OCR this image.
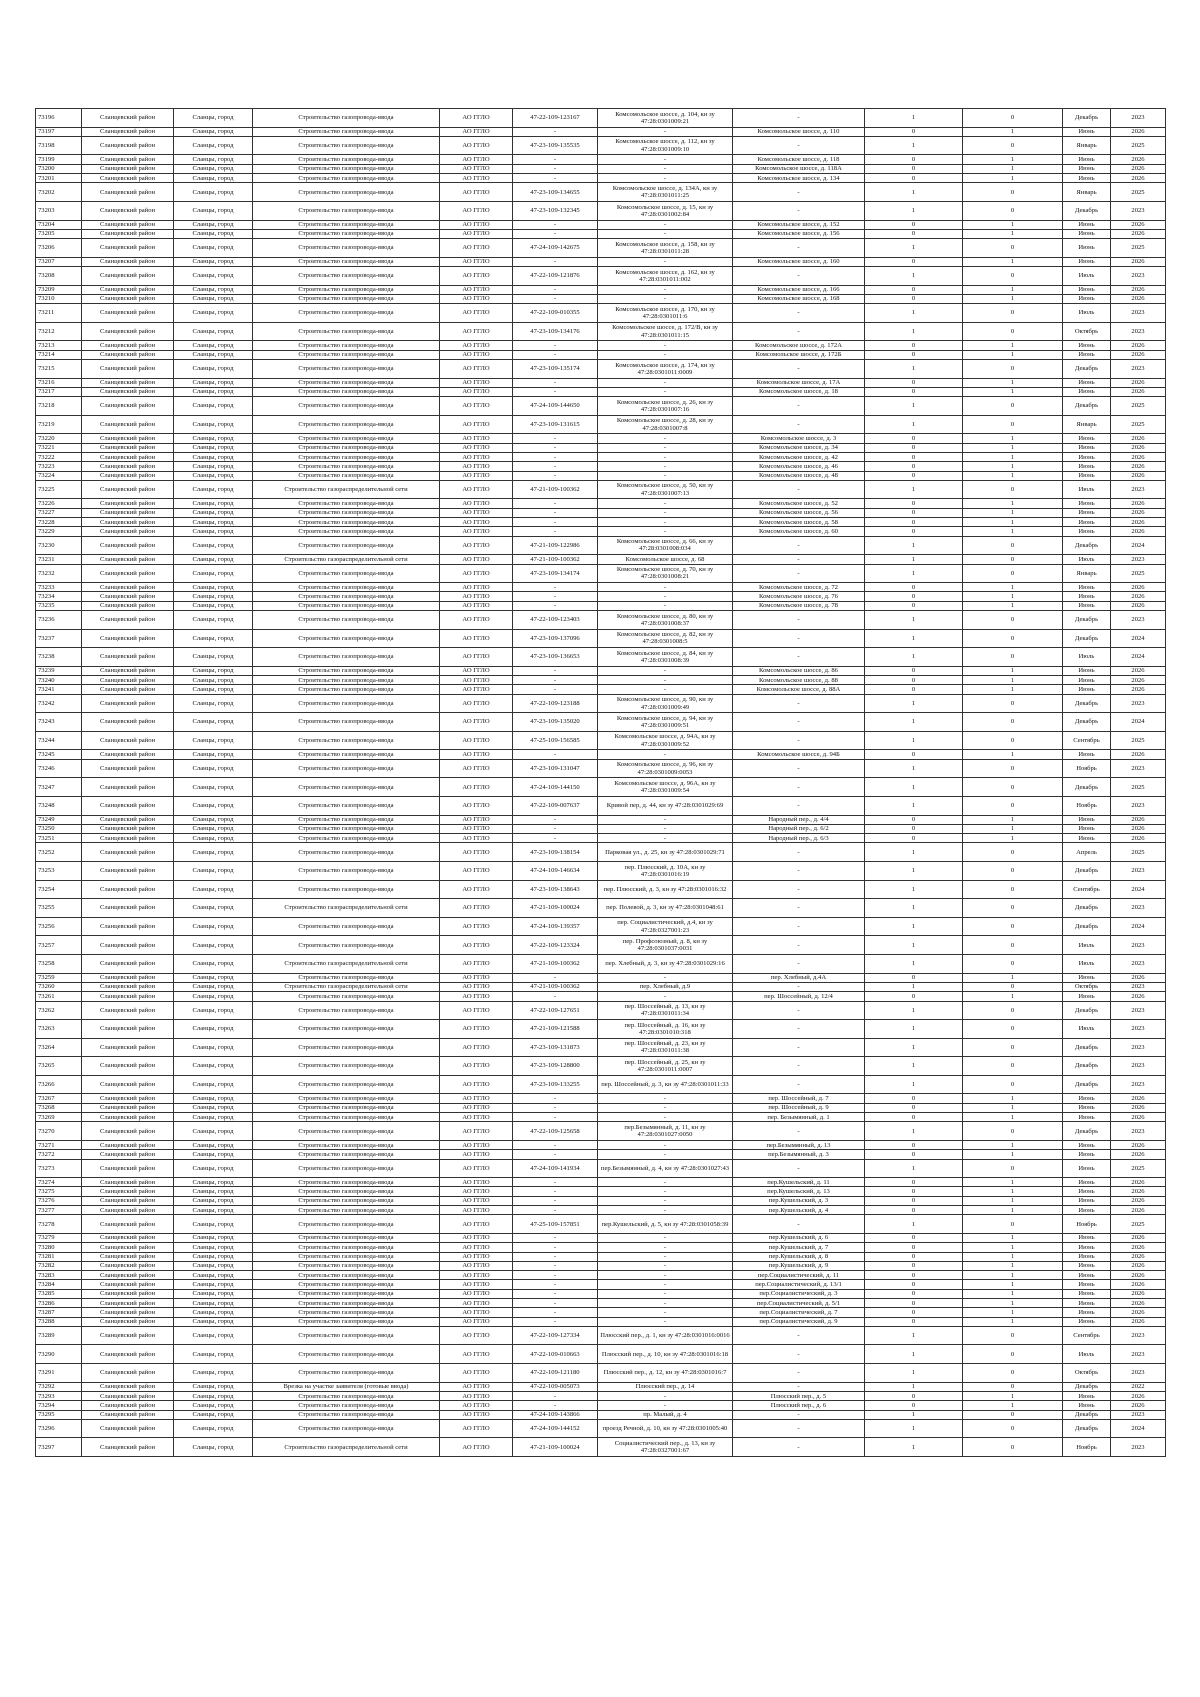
73196	Сланцевский район	Сланцы, город	Строительство газопровода-ввода	АО ГГЛО	47-22-109-123167	Комсомольское шоссе, д. 104, кн зу 47:28:0301009:21	-	1	0	Декабрь	2023
73197	Сланцевский район	Сланцы, город	Строительство газопровода-ввода	АО ГГЛО	-	-	Комсомольское шоссе, д. 110	0	1	Июнь	2026
73198	Сланцевский район	Сланцы, город	Строительство газопровода-ввода	АО ГГЛО	47-23-109-135535	Комсомольское шоссе, д. 112, кн зу 47:28:0301009:10	-	1	0	Январь	2025
73199	Сланцевский район	Сланцы, город	Строительство газопровода-ввода	АО ГГЛО	-	-	Комсомольское шоссе, д. 118	0	1	Июнь	2026
73200	Сланцевский район	Сланцы, город	Строительство газопровода-ввода	АО ГГЛО	-	-	Комсомольское шоссе, д. 118А	0	1	Июнь	2026
73201	Сланцевский район	Сланцы, город	Строительство газопровода-ввода	АО ГГЛО	-	-	Комсомольское шоссе, д. 134	0	1	Июнь	2026
73202	Сланцевский район	Сланцы, город	Строительство газопровода-ввода	АО ГГЛО	47-23-109-134655	Комсомольское шоссе, д. 134А, кн зу 47:28:0301011:25	-	1	0	Январь	2025
73203	Сланцевский район	Сланцы, город	Строительство газопровода-ввода	АО ГГЛО	47-23-109-132345	Комсомольское шоссе, д. 15, кн зу 47:28:0301002:84	-	1	0	Декабрь	2023
73204	Сланцевский район	Сланцы, город	Строительство газопровода-ввода	АО ГГЛО	-	-	Комсомольское шоссе, д. 152	0	1	Июнь	2026
73205	Сланцевский район	Сланцы, город	Строительство газопровода-ввода	АО ГГЛО	-	-	Комсомольское шоссе, д. 156	0	1	Июнь	2026
73206	Сланцевский район	Сланцы, город	Строительство газопровода-ввода	АО ГГЛО	47-24-109-142675	Комсомольское шоссе, д. 158, кн зу 47:28:0301011:28	-	1	0	Июнь	2025
73207	Сланцевский район	Сланцы, город	Строительство газопровода-ввода	АО ГГЛО	-	-	Комсомольское шоссе, д. 160	0	1	Июнь	2026
73208	Сланцевский район	Сланцы, город	Строительство газопровода-ввода	АО ГГЛО	47-22-109-121876	Комсомольское шоссе, д. 162, кн зу 47:28:0301011:002	-	1	0	Июль	2023
73209	Сланцевский район	Сланцы, город	Строительство газопровода-ввода	АО ГГЛО	-	-	Комсомольское шоссе, д. 166	0	1	Июнь	2026
73210	Сланцевский район	Сланцы, город	Строительство газопровода-ввода	АО ГГЛО	-	-	Комсомольское шоссе, д. 168	0	1	Июнь	2026
73211	Сланцевский район	Сланцы, город	Строительство газопровода-ввода	АО ГГЛО	47-22-109-010355	Комсомольское шоссе, д. 170, кн зу 47:28:0301011:6	-	1	0	Июль	2023
73212	Сланцевский район	Сланцы, город	Строительство газопровода-ввода	АО ГГЛО	47-23-109-134176	Комсомольское шоссе, д. 172/В, кн зу 47:28:0301011:15	-	1	0	Октябрь	2023
73213	Сланцевский район	Сланцы, город	Строительство газопровода-ввода	АО ГГЛО	-	-	Комсомольское шоссе, д. 172А	0	1	Июнь	2026
73214	Сланцевский район	Сланцы, город	Строительство газопровода-ввода	АО ГГЛО	-	-	Комсомольское шоссе, д. 172Б	0	1	Июнь	2026
73215	Сланцевский район	Сланцы, город	Строительство газопровода-ввода	АО ГГЛО	47-23-109-135174	Комсомольское шоссе, д. 174, кн зу 47:28:0301011:0009	-	1	0	Декабрь	2023
73216	Сланцевский район	Сланцы, город	Строительство газопровода-ввода	АО ГГЛО	-	-	Комсомольское шоссе, д. 17А	0	1	Июнь	2026
73217	Сланцевский район	Сланцы, город	Строительство газопровода-ввода	АО ГГЛО	-	-	Комсомольское шоссе, д. 18	0	1	Июнь	2026
73218	Сланцевский район	Сланцы, город	Строительство газопровода-ввода	АО ГГЛО	47-24-109-144650	Комсомольское шоссе, д. 26, кн зу 47:28:0301007:16	-	1	0	Декабрь	2025
73219	Сланцевский район	Сланцы, город	Строительство газопровода-ввода	АО ГГЛО	47-23-109-131615	Комсомольское шоссе, д. 28, кн зу 47:28:0301007:8	-	1	0	Январь	2025
73220	Сланцевский район	Сланцы, город	Строительство газопровода-ввода	АО ГГЛО	-	-	Комсомольское шоссе, д. 3	0	1	Июнь	2026
73221	Сланцевский район	Сланцы, город	Строительство газопровода-ввода	АО ГГЛО	-	-	Комсомольское шоссе, д. 34	0	1	Июнь	2026
73222	Сланцевский район	Сланцы, город	Строительство газопровода-ввода	АО ГГЛО	-	-	Комсомольское шоссе, д. 42	0	1	Июнь	2026
73223	Сланцевский район	Сланцы, город	Строительство газопровода-ввода	АО ГГЛО	-	-	Комсомольское шоссе, д. 46	0	1	Июнь	2026
73224	Сланцевский район	Сланцы, город	Строительство газопровода-ввода	АО ГГЛО	-	-	Комсомольское шоссе, д. 48	0	1	Июнь	2026
73225	Сланцевский район	Сланцы, город	Строительство газораспределительной сети	АО ГГЛО	47-21-109-100362	Комсомольское шоссе, д. 50, кн зу 47:28:0301007:13	-	1	0	Июль	2023
73226	Сланцевский район	Сланцы, город	Строительство газопровода-ввода	АО ГГЛО	-	-	Комсомольское шоссе, д. 52	0	1	Июнь	2026
73227	Сланцевский район	Сланцы, город	Строительство газопровода-ввода	АО ГГЛО	-	-	Комсомольское шоссе, д. 56	0	1	Июнь	2026
73228	Сланцевский район	Сланцы, город	Строительство газопровода-ввода	АО ГГЛО	-	-	Комсомольское шоссе, д. 58	0	1	Июнь	2026
73229	Сланцевский район	Сланцы, город	Строительство газопровода-ввода	АО ГГЛО	-	-	Комсомольское шоссе, д. 60	0	1	Июнь	2026
73230	Сланцевский район	Сланцы, город	Строительство газопровода-ввода	АО ГГЛО	47-21-109-122986	Комсомольское шоссе, д. 66, кн зу 47:28:0301008:034	-	1	0	Декабрь	2024
73231	Сланцевский район	Сланцы, город	Строительство газораспределительной сети	АО ГГЛО	47-21-109-100362	Комсомольское шоссе, д. 68	-	1	0	Июль	2023
73232	Сланцевский район	Сланцы, город	Строительство газопровода-ввода	АО ГГЛО	47-23-109-134174	Комсомольское шоссе, д. 70, кн зу 47:28:0301008:21	-	1	0	Январь	2025
73233	Сланцевский район	Сланцы, город	Строительство газопровода-ввода	АО ГГЛО	-	-	Комсомольское шоссе, д. 72	0	1	Июнь	2026
73234	Сланцевский район	Сланцы, город	Строительство газопровода-ввода	АО ГГЛО	-	-	Комсомольское шоссе, д. 76	0	1	Июнь	2026
73235	Сланцевский район	Сланцы, город	Строительство газопровода-ввода	АО ГГЛО	-	-	Комсомольское шоссе, д. 78	0	1	Июнь	2026
73236	Сланцевский район	Сланцы, город	Строительство газопровода-ввода	АО ГГЛО	47-22-109-123403	Комсомольское шоссе, д. 80, кн зу 47:28:0301008:37	-	1	0	Декабрь	2023
73237	Сланцевский район	Сланцы, город	Строительство газопровода-ввода	АО ГГЛО	47-23-109-137096	Комсомольское шоссе, д. 82, кн зу 47:28:0301008:5	-	1	0	Декабрь	2024
73238	Сланцевский район	Сланцы, город	Строительство газопровода-ввода	АО ГГЛО	47-23-109-136653	Комсомольское шоссе, д. 84, кн зу 47:28:0301008:39	-	1	0	Июль	2024
73239	Сланцевский район	Сланцы, город	Строительство газопровода-ввода	АО ГГЛО	-	-	Комсомольское шоссе, д. 86	0	1	Июнь	2026
73240	Сланцевский район	Сланцы, город	Строительство газопровода-ввода	АО ГГЛО	-	-	Комсомольское шоссе, д. 88	0	1	Июнь	2026
73241	Сланцевский район	Сланцы, город	Строительство газопровода-ввода	АО ГГЛО	-	-	Комсомольское шоссе, д. 88А	0	1	Июнь	2026
73242	Сланцевский район	Сланцы, город	Строительство газопровода-ввода	АО ГГЛО	47-22-109-123188	Комсомольское шоссе, д. 90, кн зу 47:28:0301009:49	-	1	0	Декабрь	2023
73243	Сланцевский район	Сланцы, город	Строительство газопровода-ввода	АО ГГЛО	47-23-109-135020	Комсомольское шоссе, д. 94, кн зу 47:28:0301009:51	-	1	0	Декабрь	2024
73244	Сланцевский район	Сланцы, город	Строительство газопровода-ввода	АО ГГЛО	47-25-109-156585	Комсомольское шоссе, д. 94А, кн зу 47:28:0301009:52	-	1	0	Сентябрь	2025
73245	Сланцевский район	Сланцы, город	Строительство газопровода-ввода	АО ГГЛО	-	-	Комсомольское шоссе, д. 94Б	0	1	Июнь	2026
73246	Сланцевский район	Сланцы, город	Строительство газопровода-ввода	АО ГГЛО	47-23-109-131047	Комсомольское шоссе, д. 96, кн зу 47:28:0301009:0053	-	1	0	Ноябрь	2023
73247	Сланцевский район	Сланцы, город	Строительство газопровода-ввода	АО ГГЛО	47-24-109-144150	Комсомольское шоссе, д. 96А, кн зу 47:28:0301009:54	-	1	0	Декабрь	2025
73248	Сланцевский район	Сланцы, город	Строительство газопровода-ввода	АО ГГЛО	47-22-109-007637	Кривой пер, д. 44, кн зу 47:28:0301029:69	-	1	0	Ноябрь	2023
73249	Сланцевский район	Сланцы, город	Строительство газопровода-ввода	АО ГГЛО	-	-	Народный пер., д. 4/4	0	1	Июнь	2026
73250	Сланцевский район	Сланцы, город	Строительство газопровода-ввода	АО ГГЛО	-	-	Народный пер., д. 6/2	0	1	Июнь	2026
73251	Сланцевский район	Сланцы, город	Строительство газопровода-ввода	АО ГГЛО	-	-	Народный пер., д. 6/3	0	1	Июнь	2026
73252	Сланцевский район	Сланцы, город	Строительство газопровода-ввода	АО ГГЛО	47-23-109-138154	Парковая ул., д. 25, кн зу 47:28:0301029:71	-	1	0	Апрель	2025
73253	Сланцевский район	Сланцы, город	Строительство газопровода-ввода	АО ГГЛО	47-24-109-146634	пер. Плюсский, д. 10А, кн зу 47:28:0301016:19	-	1	0	Декабрь	2023
73254	Сланцевский район	Сланцы, город	Строительство газопровода-ввода	АО ГГЛО	47-23-109-138643	пер. Плюсский, д. 3, кн зу 47:28:0301016:32	-	1	0	Сентябрь	2024
73255	Сланцевский район	Сланцы, город	Строительство газораспределительной сети	АО ГГЛО	47-21-109-100024	пер. Полевой, д. 3, кн зу 47:28:0301048:61	-	1	0	Декабрь	2023
73256	Сланцевский район	Сланцы, город	Строительство газопровода-ввода	АО ГГЛО	47-24-109-139357	пер. Социалистический, д.4, кн зу 47:28:0327001:23	-	1	0	Декабрь	2024
73257	Сланцевский район	Сланцы, город	Строительство газопровода-ввода	АО ГГЛО	47-22-109-123324	пер. Профсоюзный, д. 8, кн зу 47:28:0301037:0031	-	1	0	Июль	2023
73258	Сланцевский район	Сланцы, город	Строительство газораспределительной сети	АО ГГЛО	47-21-109-100362	пер. Хлебный, д. 3, кн зу 47:28:0301029:16	-	1	0	Июль	2023
73259	Сланцевский район	Сланцы, город	Строительство газопровода-ввода	АО ГГЛО	-	-	пер. Хлебный, д.4А	0	1	Июнь	2026
73260	Сланцевский район	Сланцы, город	Строительство газораспределительной сети	АО ГГЛО	47-21-109-100362	пер. Хлебный, д.9	-	1	0	Октябрь	2023
73261	Сланцевский район	Сланцы, город	Строительство газопровода-ввода	АО ГГЛО	-	-	пер. Шоссейный, д. 12/4	0	1	Июнь	2026
73262	Сланцевский район	Сланцы, город	Строительство газопровода-ввода	АО ГГЛО	47-22-109-127651	пер. Шоссейный, д. 13, кн зу 47:28:0301011:34	-	1	0	Декабрь	2023
73263	Сланцевский район	Сланцы, город	Строительство газопровода-ввода	АО ГГЛО	47-21-109-121588	пер. Шоссейный, д. 16, кн зу 47:28:0301010:318	-	1	0	Июль	2023
73264	Сланцевский район	Сланцы, город	Строительство газопровода-ввода	АО ГГЛО	47-23-109-131873	пер. Шоссейный, д. 23, кн зу 47:28:0301011:38	-	1	0	Декабрь	2023
73265	Сланцевский район	Сланцы, город	Строительство газопровода-ввода	АО ГГЛО	47-23-109-128800	пер. Шоссейный, д. 25, кн зу 47:28:0301011:0007	-	1	0	Декабрь	2023
73266	Сланцевский район	Сланцы, город	Строительство газопровода-ввода	АО ГГЛО	47-23-109-133255	пер. Шоссейный, д. 3, кн зу 47:28:0301011:33	-	1	0	Декабрь	2023
73267	Сланцевский район	Сланцы, город	Строительство газопровода-ввода	АО ГГЛО	-	-	пер. Шоссейный, д. 7	0	1	Июнь	2026
73268	Сланцевский район	Сланцы, город	Строительство газопровода-ввода	АО ГГЛО	-	-	пер. Шоссейный, д. 9	0	1	Июнь	2026
73269	Сланцевский район	Сланцы, город	Строительство газопровода-ввода	АО ГГЛО	-	-	пер. Безымянный, д. 1	0	1	Июнь	2026
73270	Сланцевский район	Сланцы, город	Строительство газопровода-ввода	АО ГГЛО	47-22-109-125658	пер.Безымянный, д. 11, кн зу 47:28:0301027:0050	-	1	0	Декабрь	2023
73271	Сланцевский район	Сланцы, город	Строительство газопровода-ввода	АО ГГЛО	-	-	пер.Безымянный, д. 13	0	1	Июнь	2026
73272	Сланцевский район	Сланцы, город	Строительство газопровода-ввода	АО ГГЛО	-	-	пер.Безымянный, д. 3	0	1	Июнь	2026
73273	Сланцевский район	Сланцы, город	Строительство газопровода-ввода	АО ГГЛО	47-24-109-141934	пер.Безымянный, д. 4, кн зу 47:28:0301027:43	-	1	0	Июнь	2025
73274	Сланцевский район	Сланцы, город	Строительство газопровода-ввода	АО ГГЛО	-	-	пер.Кушельский, д. 11	0	1	Июнь	2026
73275	Сланцевский район	Сланцы, город	Строительство газопровода-ввода	АО ГГЛО	-	-	пер.Кушельский, д. 13	0	1	Июнь	2026
73276	Сланцевский район	Сланцы, город	Строительство газопровода-ввода	АО ГГЛО	-	-	пер.Кушельский, д. 3	0	1	Июнь	2026
73277	Сланцевский район	Сланцы, город	Строительство газопровода-ввода	АО ГГЛО	-	-	пер.Кушельский, д. 4	0	1	Июнь	2026
73278	Сланцевский район	Сланцы, город	Строительство газопровода-ввода	АО ГГЛО	47-25-109-157851	пер.Кушельский, д. 5, кн зу 47:28:0301058:39	-	1	0	Ноябрь	2025
73279	Сланцевский район	Сланцы, город	Строительство газопровода-ввода	АО ГГЛО	-	-	пер.Кушельский, д. 6	0	1	Июнь	2026
73280	Сланцевский район	Сланцы, город	Строительство газопровода-ввода	АО ГГЛО	-	-	пер.Кушельский, д. 7	0	1	Июнь	2026
73281	Сланцевский район	Сланцы, город	Строительство газопровода-ввода	АО ГГЛО	-	-	пер.Кушельский, д. 8	0	1	Июнь	2026
73282	Сланцевский район	Сланцы, город	Строительство газопровода-ввода	АО ГГЛО	-	-	пер.Кушельский, д. 9	0	1	Июнь	2026
73283	Сланцевский район	Сланцы, город	Строительство газопровода-ввода	АО ГГЛО	-	-	пер.Социалистический, д. 11	0	1	Июнь	2026
73284	Сланцевский район	Сланцы, город	Строительство газопровода-ввода	АО ГГЛО	-	-	пер.Социалистический, д. 13/1	0	1	Июнь	2026
73285	Сланцевский район	Сланцы, город	Строительство газопровода-ввода	АО ГГЛО	-	-	пер.Социалистический, д. 3	0	1	Июнь	2026
73286	Сланцевский район	Сланцы, город	Строительство газопровода-ввода	АО ГГЛО	-	-	пер.Социалистический, д. 5/1	0	1	Июнь	2026
73287	Сланцевский район	Сланцы, город	Строительство газопровода-ввода	АО ГГЛО	-	-	пер.Социалистический, д. 7	0	1	Июнь	2026
73288	Сланцевский район	Сланцы, город	Строительство газопровода-ввода	АО ГГЛО	-	-	пер.Социалистический, д. 9	0	1	Июнь	2026
73289	Сланцевский район	Сланцы, город	Строительство газопровода-ввода	АО ГГЛО	47-22-109-127334	Плюсский пер., д. 1, кн зу 47:28:0301016:0016	-	1	0	Сентябрь	2023
73290	Сланцевский район	Сланцы, город	Строительство газопровода-ввода	АО ГГЛО	47-22-109-010663	Плюсский пер., д. 10, кн зу 47:28:0301016:18	-	1	0	Июль	2023
73291	Сланцевский район	Сланцы, город	Строительство газопровода-ввода	АО ГГЛО	47-22-109-121180	Плюсский пер., д. 12, кн зу 47:28:0301016:7	-	1	0	Октябрь	2023
73292	Сланцевский район	Сланцы, город	Врезка на участке заявителя (готовые ввода)	АО ГГЛО	47-22-109-005073	Плюсский пер., д. 14	-	1	0	Декабрь	2022
73293	Сланцевский район	Сланцы, город	Строительство газопровода-ввода	АО ГГЛО	-	-	Плюсский пер., д. 5	0	1	Июнь	2026
73294	Сланцевский район	Сланцы, город	Строительство газопровода-ввода	АО ГГЛО	-	-	Плюсский пер., д. 6	0	1	Июнь	2026
73295	Сланцевский район	Сланцы, город	Строительство газопровода-ввода	АО ГГЛО	47-24-109-143866	пр. Малый, д. 4	-	1	0	Декабрь	2023
73296	Сланцевский район	Сланцы, город	Строительство газопровода-ввода	АО ГГЛО	47-24-109-144152	проезд Речной, д. 10, кн зу 47:28:0301005:40	-	1	0	Декабрь	2024
73297	Сланцевский район	Сланцы, город	Строительство газораспределительной сети	АО ГГЛО	47-21-109-100024	Социалистический пер., д. 13, кн зу 47:28:0327001:67	-	1	0	Ноябрь	2023
